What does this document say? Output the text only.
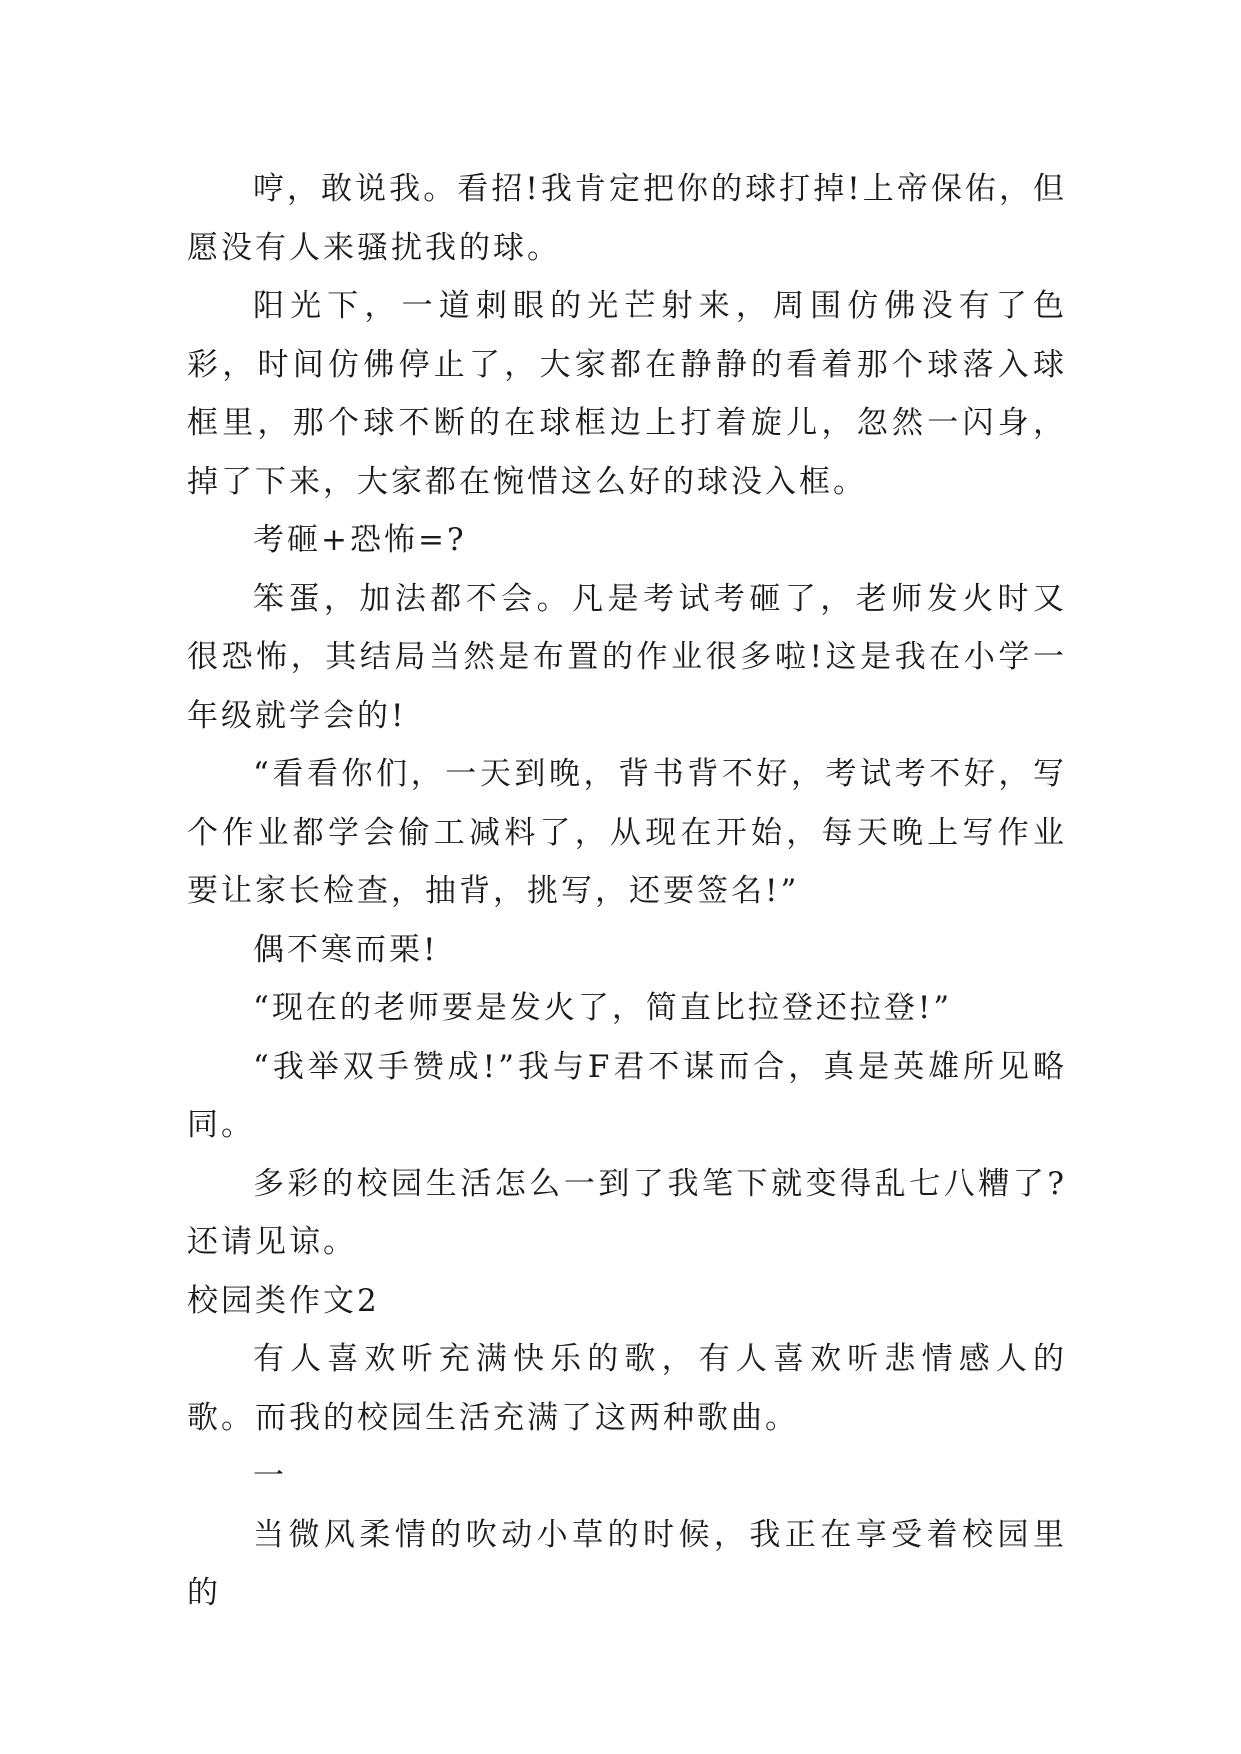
哼，敢说我。看招!我肯定把你的球打掉!上帝保佑，但愿没有人来骚扰我的球。

阳光下，一道刺眼的光芒射来，周围仿佛没有了色彩，时间仿佛停止了，大家都在静静的看着那个球落入球框里，那个球不断的在球框边上打着旋儿，忽然一闪身，掉了下来，大家都在惋惜这么好的球没入框。

考砸+恐怖=?

笨蛋，加法都不会。凡是考试考砸了，老师发火时又很恐怖，其结局当然是布置的作业很多啦!这是我在小学一年级就学会的!

“看看你们，一天到晚，背书背不好，考试考不好，写个作业都学会偷工减料了，从现在开始，每天晚上写作业要让家长检查，抽背，挑写，还要签名!”

偶不寒而栗!

“现在的老师要是发火了，简直比拉登还拉登!”

“我举双手赞成!”我与F君不谋而合，真是英雄所见略同。

多彩的校园生活怎么一到了我笔下就变得乱七八糟了?还请见谅。

校园类作文2

有人喜欢听充满快乐的歌，有人喜欢听悲情感人的歌。而我的校园生活充满了这两种歌曲。

一

当微风柔情的吹动小草的时候，我正在享受着校园里的
